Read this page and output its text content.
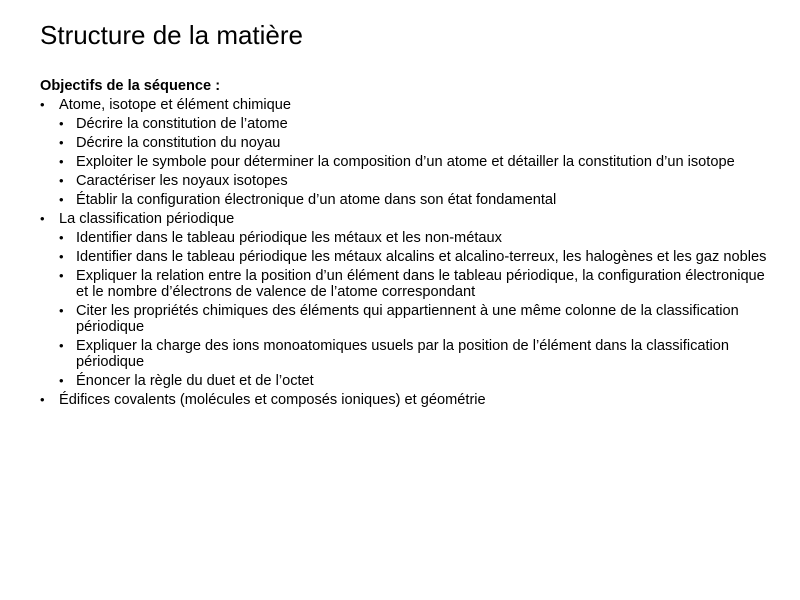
Structure de la matière
Objectifs de la séquence :
• Atome, isotope et élément chimique
• Décrire la constitution de l’atome
• Décrire la constitution du noyau
• Exploiter le symbole pour déterminer la composition d’un atome et détailler la constitution d’un isotope
• Caractériser les noyaux isotopes
• Établir la configuration électronique d’un atome dans son état fondamental
• La classification périodique
• Identifier dans le tableau périodique les métaux et les non-métaux
• Identifier dans le tableau périodique les métaux alcalins et alcalino-terreux, les halogènes et les gaz nobles
• Expliquer la relation entre la position d’un élément dans le tableau périodique, la configuration électronique et le nombre d’électrons de valence de l’atome correspondant
• Citer les propriétés chimiques des éléments qui appartiennent à une même colonne de la classification périodique
• Expliquer la charge des ions monoatomiques usuels par la position de l’élément dans la classification périodique
• Énoncer la règle du duet et de l’octet
• Édifices covalents (molécules et composés ioniques) et géométrie
